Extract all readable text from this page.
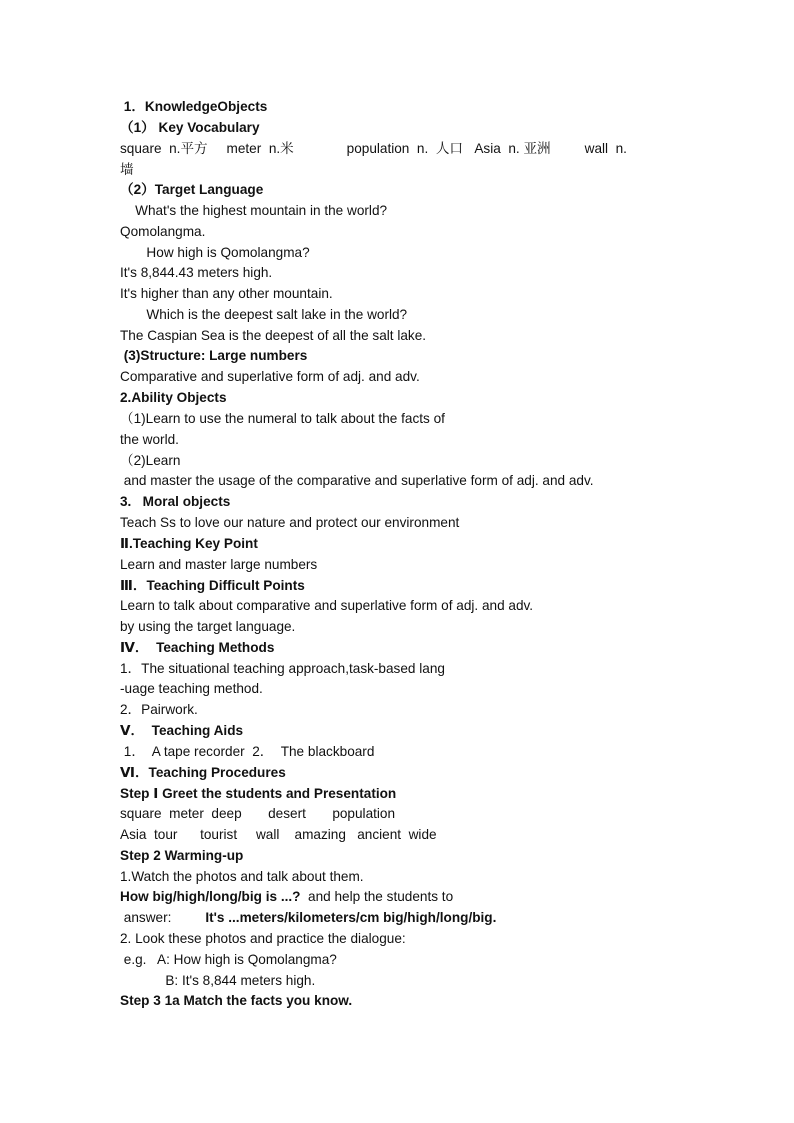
1．KnowledgeObjects
（1） Key Vocabulary
square  n.平方     meter  n.米              population  n.  人口   Asia  n. 亚洲         wall  n.
墙
（2）Target Language
What's the highest mountain in the world?
Qomolangma.
How high is Qomolangma?
It's 8,844.43 meters high.
It's higher than any other mountain.
Which is the deepest salt lake in the world?
The Caspian Sea is the deepest of all the salt lake.
(3)Structure: Large numbers
Comparative and superlative form of adj. and adv.
2.Ability Objects
（1)Learn to use the numeral to talk about the facts of
the world.
（2)Learn
and master the usage of the comparative and superlative form of adj. and adv.
3.   Moral objects
Teach Ss to love our nature and protect our environment
Ⅱ.Teaching Key Point
Learn and master large numbers
Ⅲ．Teaching Difficult Points
Learn to talk about comparative and superlative form of adj. and adv.
by using the target language.
Ⅳ．  Teaching Methods
1．The situational teaching approach,task-based lang
-uage teaching method.
2．Pairwork.
Ⅴ．  Teaching Aids
1．  A tape recorder  2．  The blackboard
Ⅵ．Teaching Procedures
Step Ⅰ Greet the students and Presentation
square  meter  deep       desert       population
Asia  tour      tourist     wall    amazing   ancient  wide
Step 2 Warming-up
1.Watch the photos and talk about them.
How big/high/long/big is ...?  and help the students to
answer:         It's ...meters/kilometers/cm big/high/long/big.
2. Look these photos and practice the dialogue:
e.g.   A: How high is Qomolangma?
B: It's 8,844 meters high.
Step 3 1a Match the facts you know.
